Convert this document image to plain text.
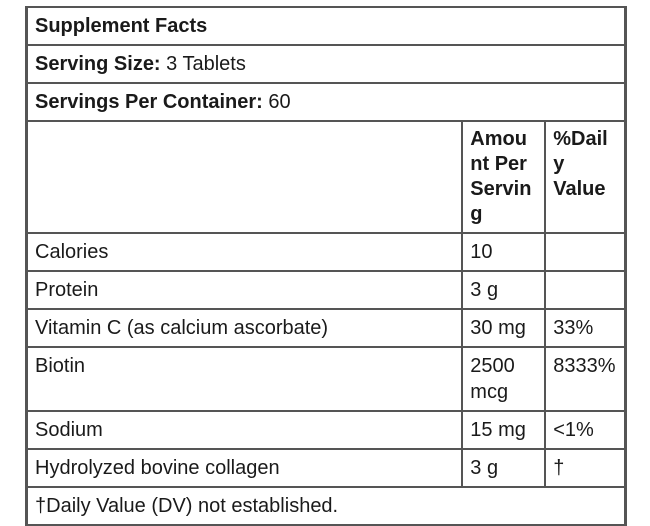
Supplement Facts		
Serving Size: 3 Tablets		
Servings Per Container: 60		
	Amount Per Serving	%Daily Value
Calories	10	
Protein	3 g	
Vitamin C (as calcium ascorbate)	30 mg	33%
Biotin	2500 mcg	8333%
Sodium	15 mg	<1%
Hydrolyzed bovine collagen	3 g	†
†Daily Value (DV) not established.		
